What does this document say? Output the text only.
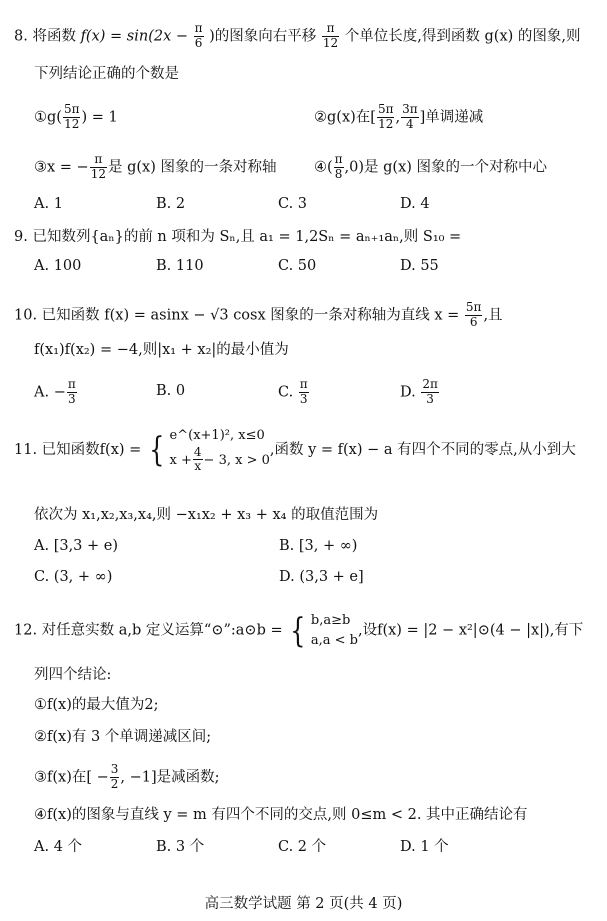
8. 将函数 $f(x) = \sin(2x - \frac{\pi}{6}$ )的图象向右平移 $\frac{\pi}{12}$ 个单位长度,得到函数 g(x) 的图象,则
下列结论正确的个数是
①g( $\frac{5\pi}{12}$ ) = 1	②g(x)在[ $\frac{5\pi}{12}$ , $\frac{3\pi}{4}$ ]单调递减
③x = − $\frac{\pi}{12}$ 是 g(x) 图象的一条对称轴	④( $\frac{\pi}{8} ,0$)是 g(x) 图象的一个对称中心
A. 1	B. 2	C. 3	D. 4
9. 已知数列{aₙ}的前 n 项和为 Sₙ,且 a₁ = 1,2Sₙ = aₙ₊₁aₙ,则 S₁₀ =
A. 100	B. 110	C. 50	D. 55
10. 已知函数 f(x) = asinx − √3 cosx 图象的一条对称轴为直线 $x = \frac{5\pi}{6}$ ,且
f(x₁)f(x₂) = −4,则|x₁ + x₂|的最小值为
A. − $\frac{\pi}{3}$	B. 0	C. $\frac{\pi}{3}$	D. $\frac{2\pi}{3}$
11. 已知函数f(x) = { e^(x+1)², x≤0
$x + \frac{4}{x} - 3$, x > 0
,函数 y = f(x) − a 有四个不同的零点,从小到大
依次为 x₁,x₂,x₃,x₄,则 −x₁x₂ + x₃ + x₄ 的取值范围为
A. [3,3 + e)	B. [3, + ∞)
C. (3, + ∞)	D. (3,3 + e]
12. 对任意实数 a,b 定义运算“⊙”:a⊙b = { b,a≥b
a,a < b
,设f(x) = |2 − x²|⊙(4 − |x|),有下
列四个结论:
①f(x)的最大值为2;
②f(x)有 3 个单调递减区间;
③f(x)在[ − $\frac{3}{2}$ , −1]是减函数;
④f(x)的图象与直线 y = m 有四个不同的交点,则 0≤m < 2. 其中正确结论有
A. 4 个	B. 3 个	C. 2 个	D. 1 个
高三数学试题 第 2 页(共 4 页)
